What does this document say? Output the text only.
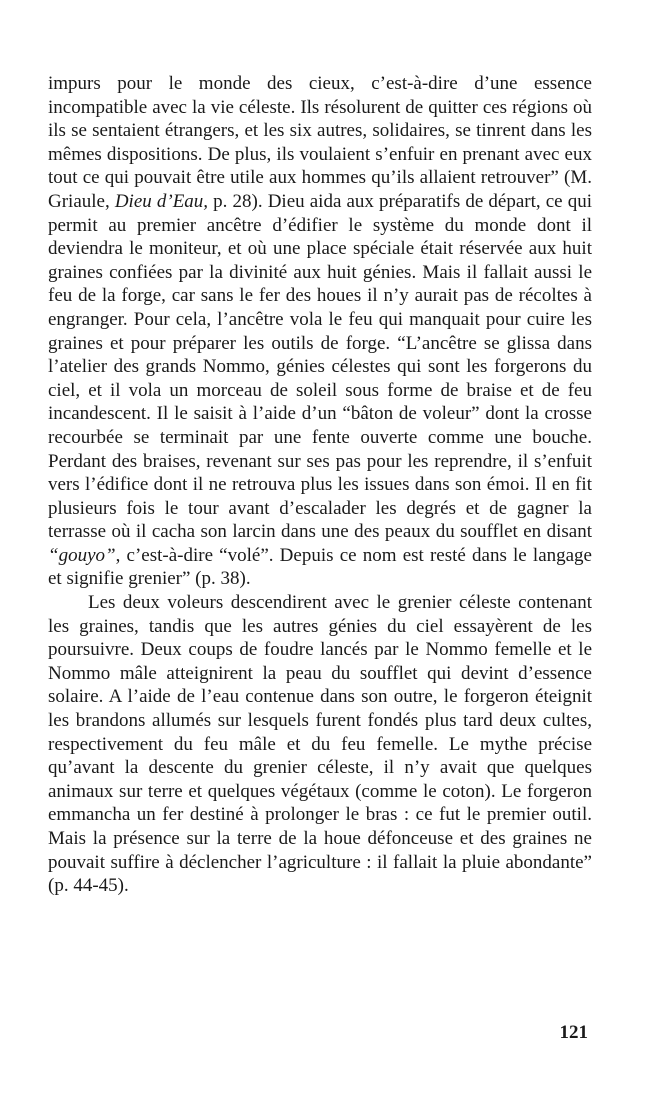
impurs pour le monde des cieux, c’est-à-dire d’une essence incompatible avec la vie céleste. Ils résolurent de quitter ces régions où ils se sentaient étrangers, et les six autres, solidaires, se tinrent dans les mêmes dispositions. De plus, ils voulaient s’enfuir en prenant avec eux tout ce qui pouvait être utile aux hommes qu’ils allaient retrouver” (M. Griaule, Dieu d’Eau, p. 28). Dieu aida aux préparatifs de départ, ce qui permit au premier ancêtre d’édifier le système du monde dont il deviendra le moniteur, et où une place spéciale était réservée aux huit graines confiées par la divinité aux huit génies. Mais il fallait aussi le feu de la forge, car sans le fer des houes il n’y aurait pas de récoltes à engranger. Pour cela, l’ancêtre vola le feu qui manquait pour cuire les graines et pour préparer les outils de forge. “L’ancêtre se glissa dans l’atelier des grands Nommo, génies célestes qui sont les forgerons du ciel, et il vola un morceau de soleil sous forme de braise et de feu incandescent. Il le saisit à l’aide d’un “bâton de voleur” dont la crosse recourbée se terminait par une fente ouverte comme une bouche. Perdant des braises, revenant sur ses pas pour les reprendre, il s’enfuit vers l’édifice dont il ne retrouva plus les issues dans son émoi. Il en fit plusieurs fois le tour avant d’escalader les degrés et de gagner la terrasse où il cacha son larcin dans une des peaux du soufflet en disant “gouyo”, c’est-à-dire “volé”. Depuis ce nom est resté dans le langage et signifie grenier” (p. 38).

Les deux voleurs descendirent avec le grenier céleste contenant les graines, tandis que les autres génies du ciel essayèrent de les poursuivre. Deux coups de foudre lancés par le Nommo femelle et le Nommo mâle atteignirent la peau du soufflet qui devint d’essence solaire. A l’aide de l’eau contenue dans son outre, le forgeron éteignit les brandons allumés sur lesquels furent fondés plus tard deux cultes, respectivement du feu mâle et du feu femelle. Le mythe précise qu’avant la descente du grenier céleste, il n’y avait que quelques animaux sur terre et quelques végétaux (comme le coton). Le forgeron emmancha un fer destiné à prolonger le bras : ce fut le premier outil. Mais la présence sur la terre de la houe défonceuse et des graines ne pouvait suffire à déclencher l’agriculture : il fallait la pluie abondante” (p. 44-45).

121
